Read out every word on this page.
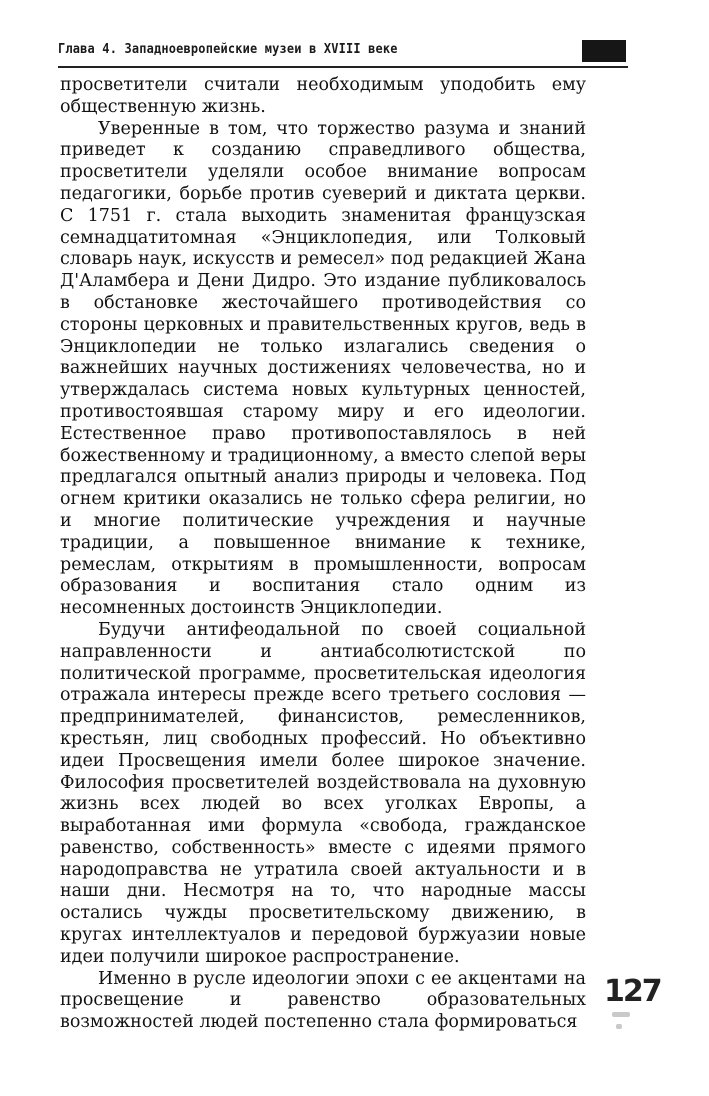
Глава 4. Западноевропейские музеи в XVIII веке

просветители считали необходимым уподобить ему общественную жизнь.

Уверенные в том, что торжество разума и знаний приведет к созданию справедливого общества, просветители уделяли особое внимание вопросам педагогики, борьбе против суеверий и диктата церкви. С 1751 г. стала выходить знаменитая французская семнадцатитомная «Энциклопедия, или Толковый словарь наук, искусств и ремесел» под редакцией Жана Д'Аламбера и Дени Дидро. Это издание публиковалось в обстановке жесточайшего противодействия со стороны церковных и правительственных кругов, ведь в Энциклопедии не только излагались сведения о важнейших научных достижениях человечества, но и утверждалась система новых культурных ценностей, противостоявшая старому миру и его идеологии. Естественное право противопоставлялось в ней божественному и традиционному, а вместо слепой веры предлагался опытный анализ природы и человека. Под огнем критики оказались не только сфера религии, но и многие политические учреждения и научные традиции, а повышенное внимание к технике, ремеслам, открытиям в промышленности, вопросам образования и воспитания стало одним из несомненных достоинств Энциклопедии.

Будучи антифеодальной по своей социальной направленности и антиабсолютистской по политической программе, просветительская идеология отражала интересы прежде всего третьего сословия — предпринимателей, финансистов, ремесленников, крестьян, лиц свободных профессий. Но объективно идеи Просвещения имели более широкое значение. Философия просветителей воздействовала на духовную жизнь всех людей во всех уголках Европы, а выработанная ими формула «свобода, гражданское равенство, собственность» вместе с идеями прямого народоправства не утратила своей актуальности и в наши дни. Несмотря на то, что народные массы остались чужды просветительскому движению, в кругах интеллектуалов и передовой буржуазии новые идеи получили широкое распространение.

Именно в русле идеологии эпохи с ее акцентами на просвещение и равенство образовательных возможностей людей постепенно стала формироваться

127
